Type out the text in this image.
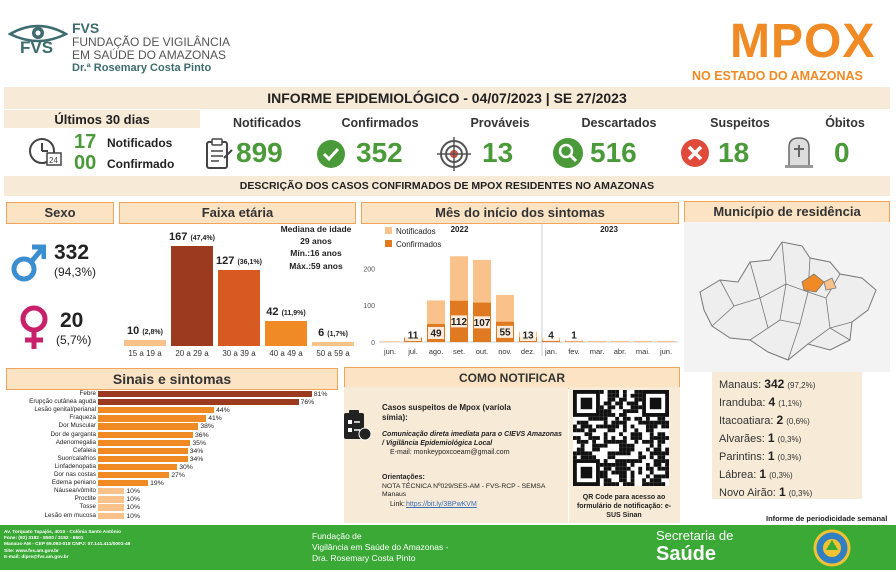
FVS
FVS
FUNDAÇÃO DE VIGILÂNCIA
EM SAÚDE DO AMAZONAS
Dr.ª Rosemary Costa Pinto	MPOX
NO ESTADO DO AMAZONAS
INFORME EPIDEMIOLÓGICO - 04/07/2023 | SE 27/2023
Últimos 30 dias
24
17 Notificados
00 Confirmado
Notificados
899
Confirmados
352
Prováveis
13
Descartados
516
Suspeitos
18
Óbitos
0
DESCRIÇÃO DOS CASOS CONFIRMADOS DE MPOX RESIDENTES NO AMAZONAS
Sexo
332
(94,3%)
20
(5,7%)
Faixa etária
Mediana de idade
29 anos
Mín.:16 anos
Máx.:59 anos
10 (2,8%)
15 a 19 a
167 (47,4%)
20 a 29 a
127 (36,1%)
30 a 39 a
42 (11,9%)
40 a 49 a
6 (1,7%)
50 a 59 a
Mês do início dos sintomas
0
100
200
2022	2023
Notificados
Confirmados
jun.
11
jul.
49
ago.
112
set.
107
out.
55
nov.
13
dez.
4
jan.
1
fev. mar. abr. mai. jun.
Município de residência
Manaus: 342 (97,2%)
Iranduba: 4 (1,1%)
Itacoatiara: 2 (0,6%)
Alvarães: 1 (0,3%)
Parintins: 1 (0,3%)
Lábrea: 1 (0,3%)
Novo Airão: 1 (0,3%)
Informe de periodicidade semanal
Sinais e sintomas
Febre	81%
Erupção cutânea aguda	76%
Lesão genital/perianal	44%
Fraqueza	41%
Dor Muscular	38%
Dor de garganta	36%
Adenomegalia	35%
Cefaleia	34%
Suor/calafrios	34%
Linfadenopatia	30%
Dor nas costas	27%
Edema peniano	19%
Náusea/vômito	10%
Proctite	10%
Tosse	10%
Lesão em mucosa	10%
COMO NOTIFICAR
Casos suspeitos de Mpox (varíola símia):
Comunicação direta imediata para o CIEVS Amazonas / Vigilância Epidemiológica Local
E-mail: monkeypoxcoeam@gmail.com
Orientações:
NOTA TÉCNICA Nº029/SES-AM - FVS-RCP - SEMSA Manaus
Link: https://bit.ly/3BPwKVM
QR Code para acesso ao formulário de notificação: e-SUS Sinan
Av. Torquato Tapajós, 4010 - Colônia Santo Antônio
Fone: (92) 3182 - 8500 / 3182 - 8501
Manaus-AM - CEP 69.093-018 CNPJ: 07.141.411/0001-46
Site: www.fvs.am.gov.br
E-mail: dipre@fvs.am.gov.br
Fundação de
Vigilância em Saúde do Amazonas -
Dra. Rosemary Costa Pinto
Secretaria de
Saúde
